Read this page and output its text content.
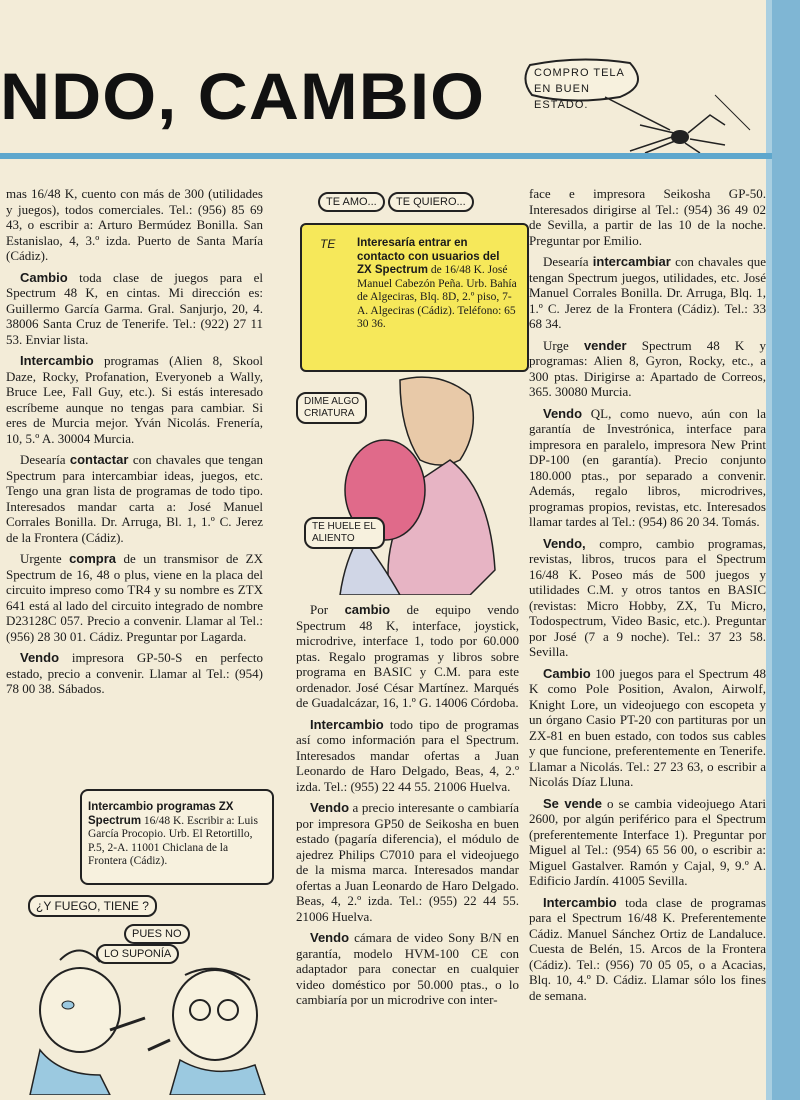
NDO, CAMBIO	COMPRO TELA EN BUEN ESTADO.

mas 16/48 K, cuento con más de 300 (utilidades y juegos), todos comerciales. Tel.: (956) 85 69 43, o escribir a: Arturo Bermúdez Bonilla. San Estanislao, 4, 3.º izda. Puerto de Santa María (Cádiz).

Cambio toda clase de juegos para el Spectrum 48 K, en cintas. Mi dirección es: Guillermo García Garma. Gral. Sanjurjo, 20, 4. 38006 Santa Cruz de Tenerife. Tel.: (922) 27 11 53. Enviar lista.

Intercambio programas (Alien 8, Skool Daze, Rocky, Profanation, Everyoneb a Wally, Bruce Lee, Fall Guy, etc.). Si estás interesado escríbeme aunque no tengas para cambiar. Si eres de Murcia mejor. Yván Nicolás. Frenería, 10, 5.º A. 30004 Murcia.

Desearía contactar con chavales que tengan Spectrum para intercambiar ideas, juegos, etc. Tengo una gran lista de programas de todo tipo. Interesados mandar carta a: José Manuel Corrales Bonilla. Dr. Arruga, Bl. 1, 1.º C. Jerez de la Frontera (Cádiz).

Urgente compra de un transmisor de ZX Spectrum de 16, 48 o plus, viene en la placa del circuito impreso como TR4 y su nombre es ZTX 641 está al lado del circuito integrado de nombre D23128C 057. Precio a convenir. Llamar al Tel.: (956) 28 30 01. Cádiz. Preguntar por Lagarda.

Vendo impresora GP-50-S en perfecto estado, precio a convenir. Llamar al Tel.: (954) 78 00 38. Sábados.

TE AMO...	TE QUIERO...
TE Interesaría entrar en contacto con usuarios del ZX Spectrum de 16/48 K. José Manuel Cabezón Peña. Urb. Bahía de Algeciras, Blq. 8D, 2.º piso, 7-A. Algeciras (Cádiz). Teléfono: 65 30 36.
DIME ALGO CRIATURA
TE HUELE EL ALIENTO

Por cambio de equipo vendo Spectrum 48 K, interface, joystick, microdrive, interface 1, todo por 60.000 ptas. Regalo programas y libros sobre programa en BASIC y C.M. para este ordenador. José César Martínez. Marqués de Guadalcázar, 16, 1.º G. 14006 Córdoba.

Intercambio todo tipo de programas así como información para el Spectrum. Interesados mandar ofertas a Juan Leonardo de Haro Delgado, Beas, 4, 2.º izda. Tel.: (955) 22 44 55. 21006 Huelva.

Vendo a precio interesante o cambiaría por impresora GP50 de Seikosha en buen estado (pagaría diferencia), el módulo de ajedrez Philips C7010 para el videojuego de la misma marca. Interesados mandar ofertas a Juan Leonardo de Haro Delgado. Beas, 4, 2.º izda. Tel.: (955) 22 44 55. 21006 Huelva.

Vendo cámara de video Sony B/N en garantía, modelo HVM-100 CE con adaptador para conectar en cualquier video doméstico por 50.000 ptas., o lo cambiaría por un microdrive con inter-

face e impresora Seikosha GP-50. Interesados dirigirse al Tel.: (954) 36 49 02 de Sevilla, a partir de las 10 de la noche. Preguntar por Emilio.

Desearía intercambiar con chavales que tengan Spectrum juegos, utilidades, etc. José Manuel Corrales Bonilla. Dr. Arruga, Blq. 1, 1.º C. Jerez de la Frontera (Cádiz). Tel.: 33 68 34.

Urge vender Spectrum 48 K y programas: Alien 8, Gyron, Rocky, etc., a 300 ptas. Dirigirse a: Apartado de Correos, 365. 30080 Murcia.

Vendo QL, como nuevo, aún con la garantía de Investrónica, interface para impresora en paralelo, impresora New Print DP-100 (en garantía). Precio conjunto 180.000 ptas., por separado a convenir. Además, regalo libros, microdrives, programas propios, revistas, etc. Interesados llamar tardes al Tel.: (954) 86 20 34. Tomás.

Vendo, compro, cambio programas, revistas, libros, trucos para el Spectrum 16/48 K. Poseo más de 500 juegos y utilidades C.M. y otros tantos en BASIC (revistas: Micro Hobby, ZX, Tu Micro, Todospectrum, Video Basic, etc.). Preguntar por José (7 a 9 noche). Tel.: 37 23 58. Sevilla.

Cambio 100 juegos para el Spectrum 48 K como Pole Position, Avalon, Airwolf, Knight Lore, un videojuego con escopeta y un órgano Casio PT-20 con partituras por un ZX-81 en buen estado, con todos sus cables y que funcione, preferentemente en Tenerife. Llamar a Nicolás. Tel.: 27 23 63, o escribir a Nicolás Díaz Lluna.

Se vende o se cambia videojuego Atari 2600, por algún periférico para el Spectrum (preferentemente Interface 1). Preguntar por Miguel al Tel.: (954) 65 56 00, o escribir a: Miguel Gastalver. Ramón y Cajal, 9, 9.º A. Edificio Jardín. 41005 Sevilla.

Intercambio toda clase de programas para el Spectrum 16/48 K. Preferentemente Cádiz. Manuel Sánchez Ortiz de Landaluce. Cuesta de Belén, 15. Arcos de la Frontera (Cádiz). Tel.: (956) 70 05 05, o a Acacias, Blq. 10, 4.º D. Cádiz. Llamar sólo los fines de semana.

Intercambio programas ZX Spectrum 16/48 K. Escribir a: Luis García Procopio. Urb. El Retortillo, P.5, 2-A. 11001 Chiclana de la Frontera (Cádiz).
¿Y FUEGO, TIENE ?
PUES NO
LO SUPONÍA
